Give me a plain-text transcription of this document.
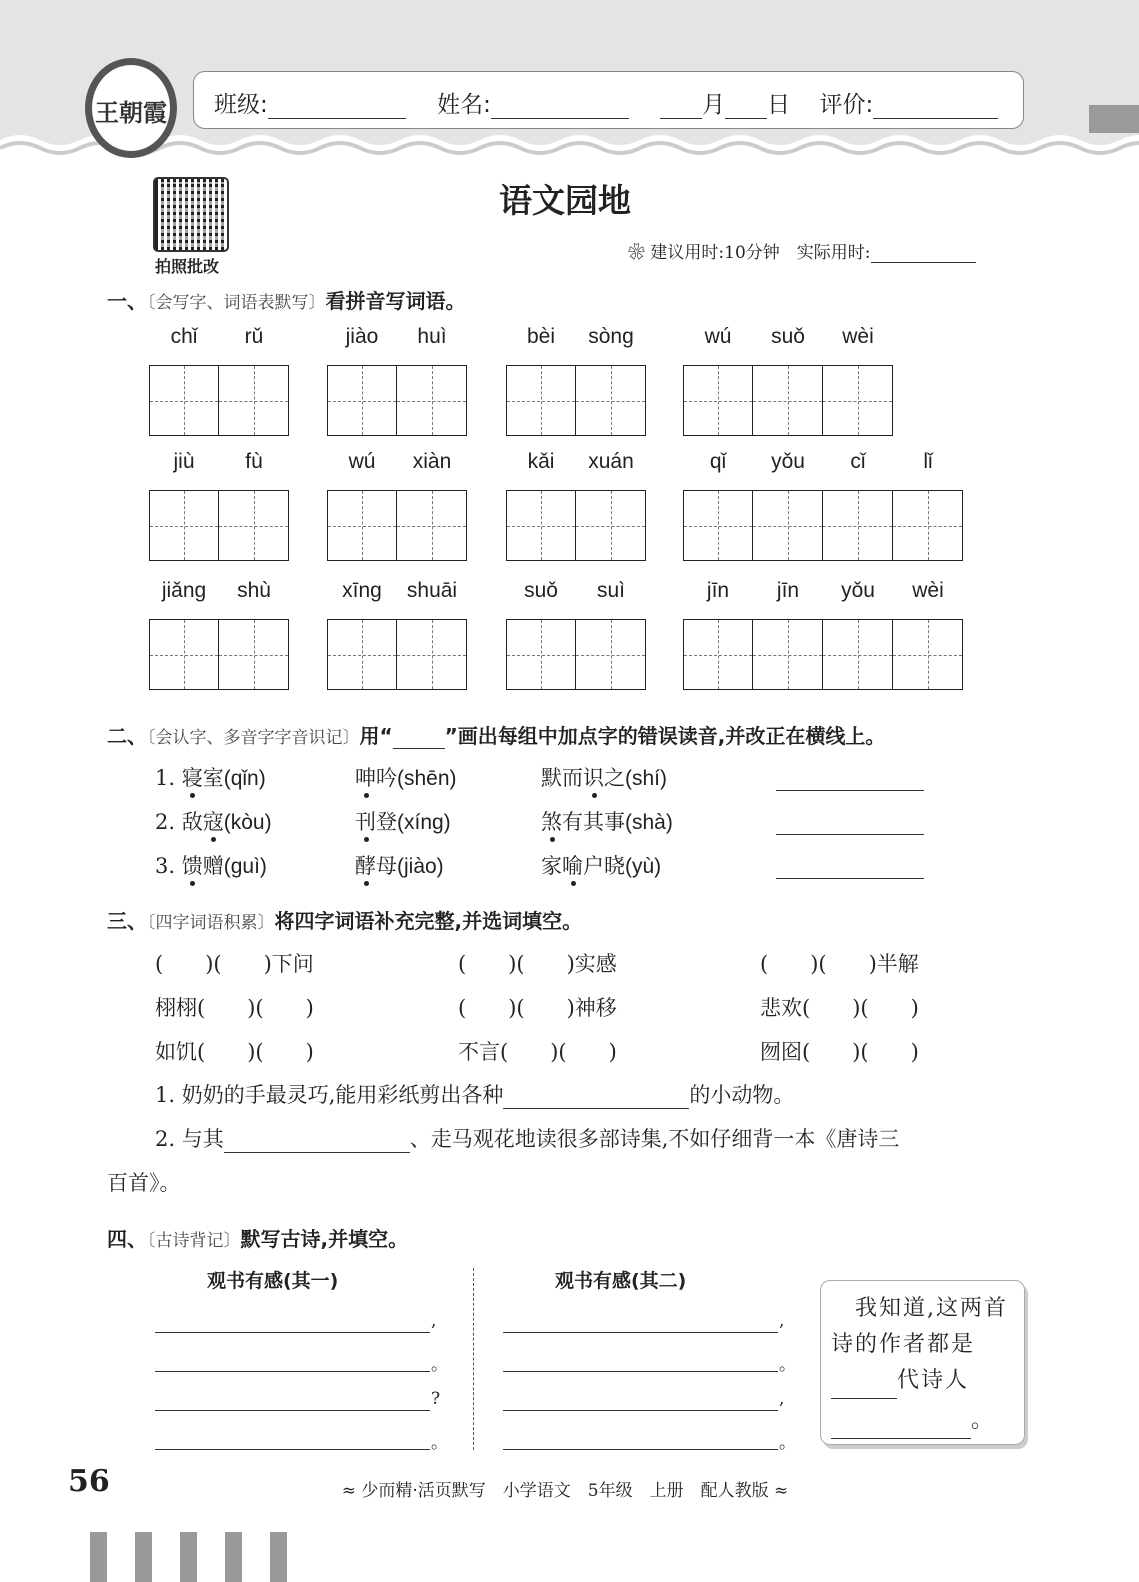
王朝霞	班级:	姓名:	月 日 评价:
拍照批改
语文园地
❀ 建议用时:10分钟　 实际用时:
一、〔会写字、词语表默写〕看拼音写词语。
chǐ	rǔ	jiào	huì	bèi	sòng	wú	suǒ	wèi
jiù	fù	wú	xiàn	kǎi	xuán	qǐ	yǒu	cǐ	lǐ
jiǎng	shù	xīng	shuāi	suǒ	suì	jīn	jīn	yǒu	wèi
二、〔会认字、多音字字音识记〕用“	”画出每组中加点字的错误读音,并改正在横线上。
1. 寝室(qǐn)	呻吟(shēn)	默而识之(shí)
2. 敌寇(kòu)	刊登(xíng)	煞有其事(shà)
3. 馈赠(guì)	酵母(jiào)	家喻户晓(yù)
三、〔四字词语积累〕将四字词语补充完整,并选词填空。
(　　)(　　)下问	(　　)(　　)实感	(　　)(　　)半解
栩栩(　　)(　　)	(　　)(　　)神移	悲欢(　　)(　　)
如饥(　　)(　　)	不言(　　)(　　)	囫囵(　　)(　　)
1. 奶奶的手最灵巧,能用彩纸剪出各种	的小动物。
2. 与其	、走马观花地读很多部诗集,不如仔细背一本《唐诗三
百首》。
四、〔古诗背记〕默写古诗,并填空。
观书有感(其一)	观书有感(其二)
,
。
?
。
,
。
,
。
　我知道,这两首诗的作者都是代诗人
。
56	≈ 少而精·活页默写　小学语文　5年级　上册　配人教版 ≈
